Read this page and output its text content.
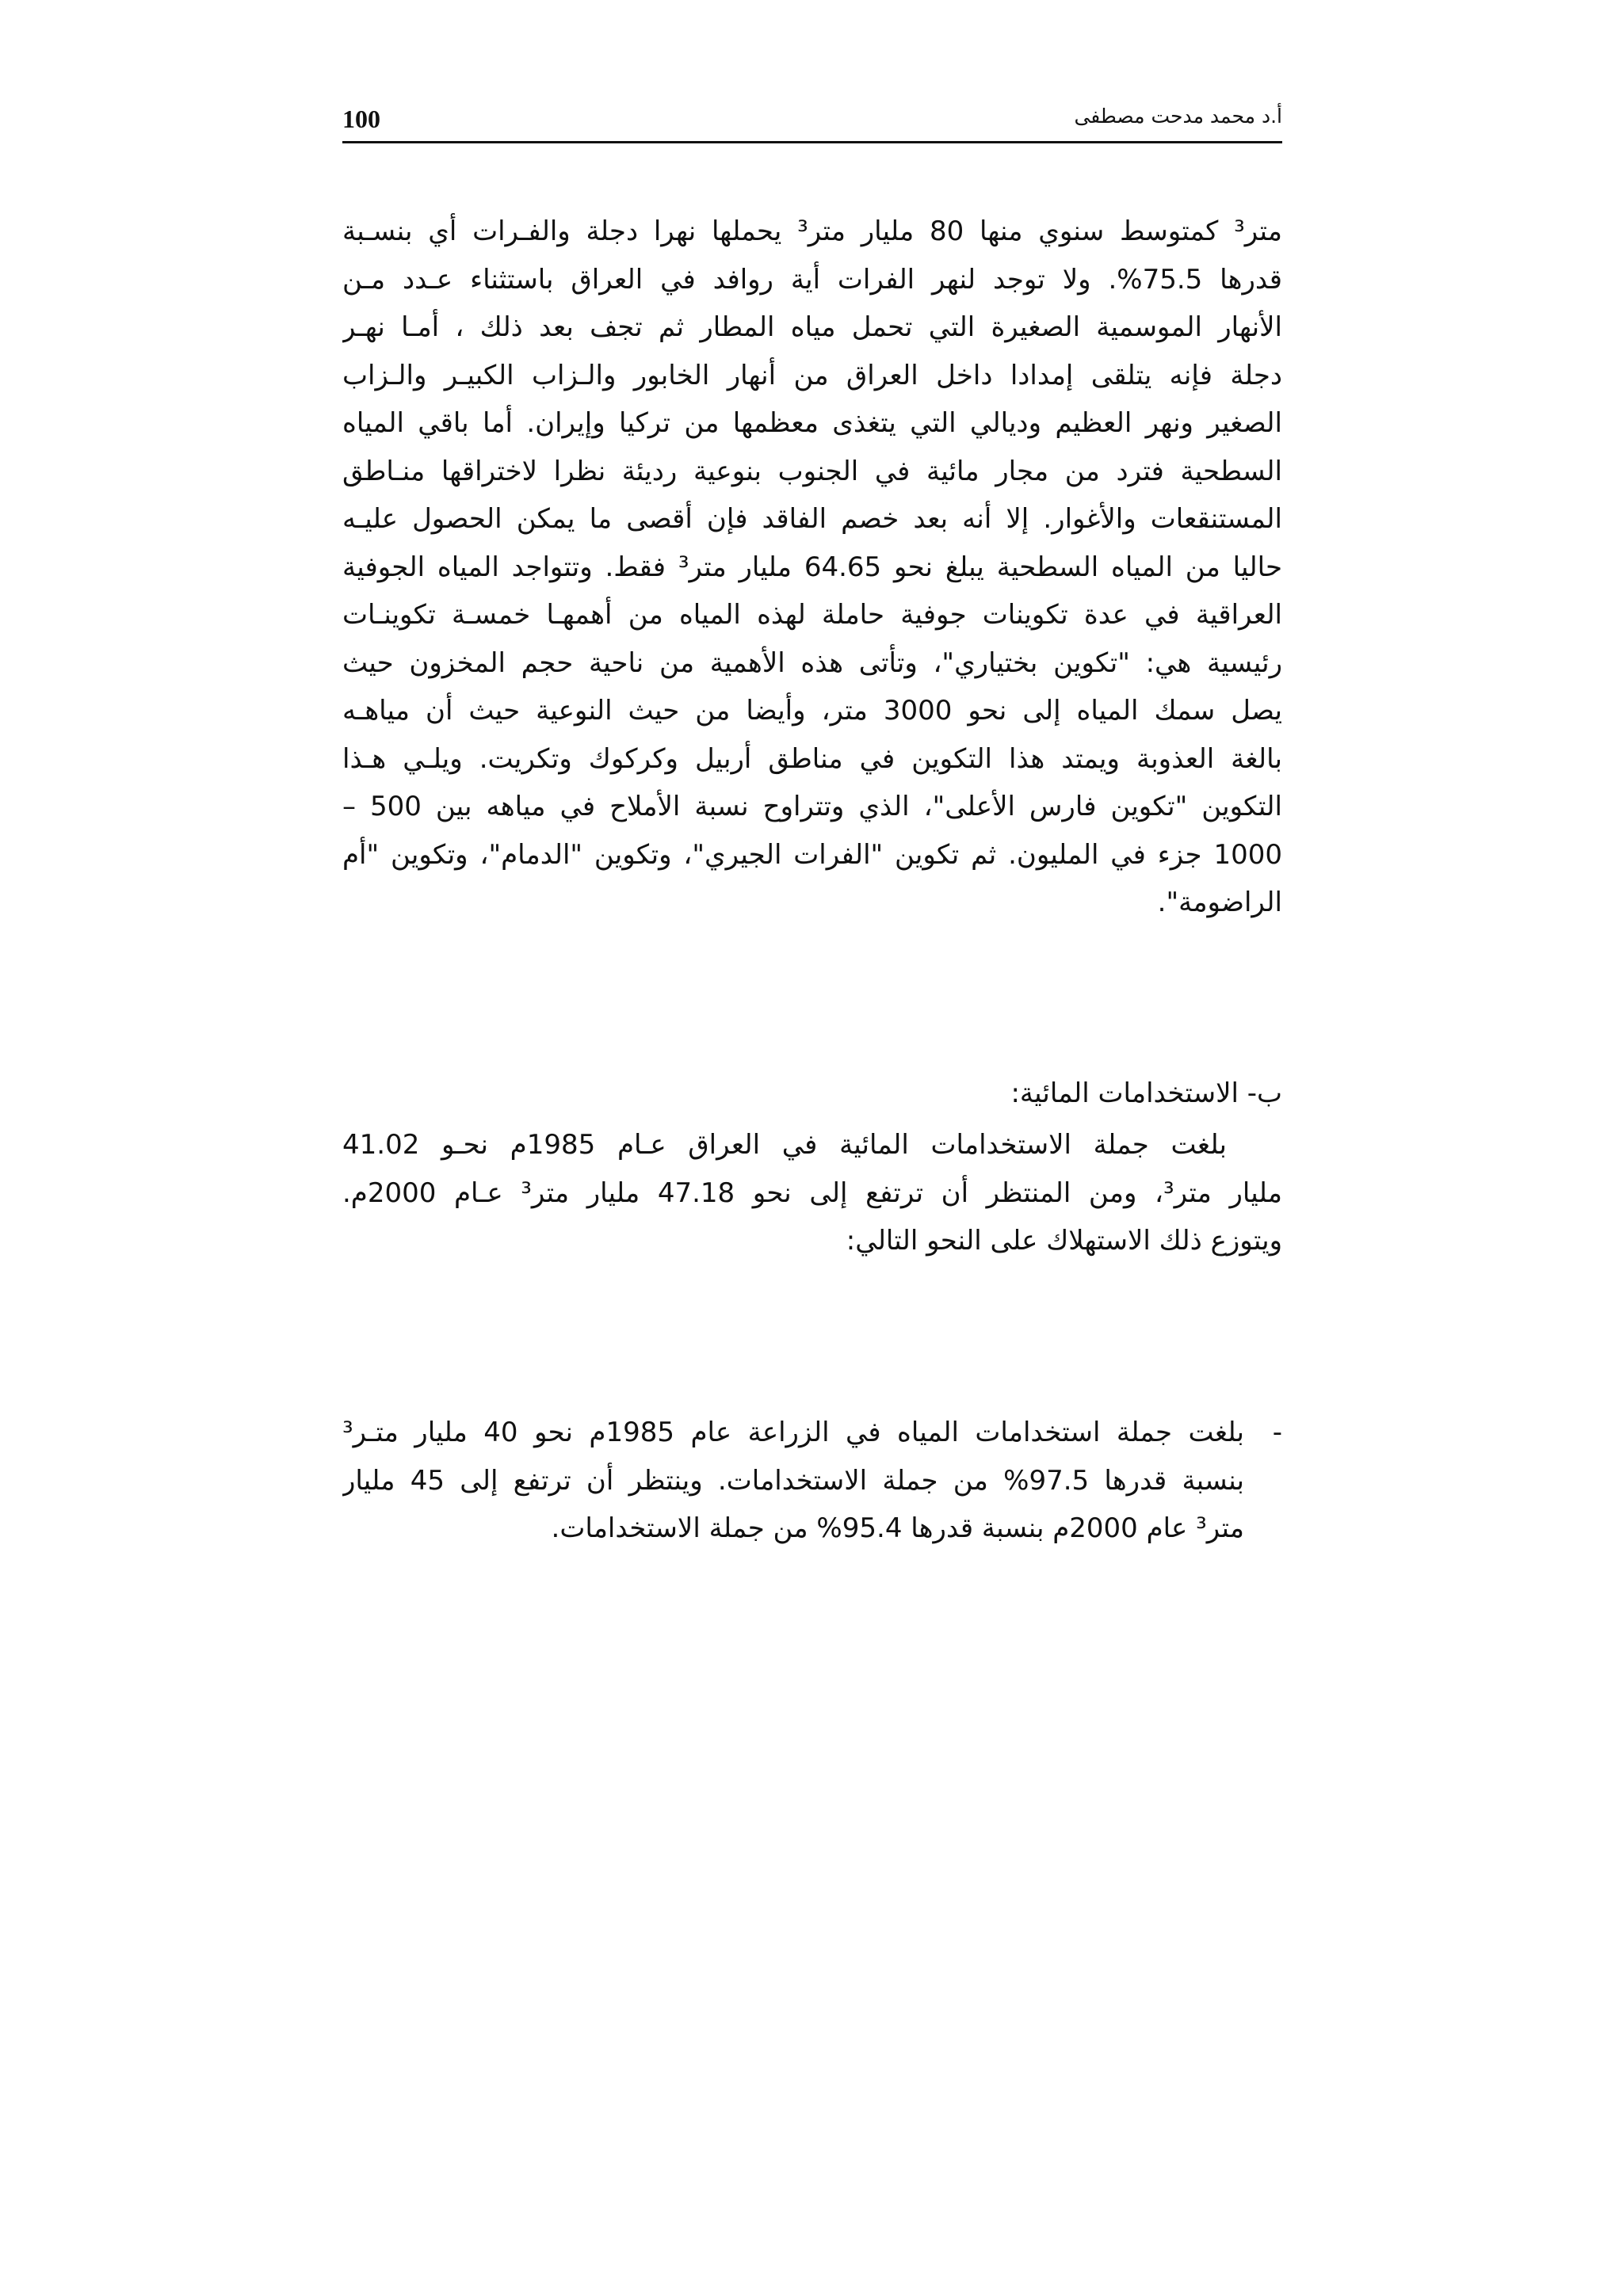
100	أ.د محمد مدحت مصطفى
متر³ كمتوسط سنوي منها 80 مليار متر³ يحملها نهرا دجلة والفـرات أي بنسـبة
قدرها 75.5%. ولا توجد لنهر الفرات أية روافد في العراق باستثناء عـدد مـن
الأنهار الموسمية الصغيرة التي تحمل مياه المطار ثم تجف بعد ذلك ، أمـا نهـر
دجلة فإنه يتلقى إمدادا داخل العراق من أنهار الخابور والـزاب الكبيـر والـزاب
الصغير ونهر العظيم وديالي التي يتغذى معظمها من تركيا وإيران. أما باقي المياه
السطحية فترد من مجار مائية في الجنوب بنوعية رديئة نظرا لاختراقها منـاطق
المستنقعات والأغوار. إلا أنه بعد خصم الفاقد فإن أقصى ما يمكن الحصول عليـه
حاليا من المياه السطحية يبلغ نحو 64.65 مليار متر³ فقط. وتتواجد المياه الجوفية
العراقية في عدة تكوينات جوفية حاملة لهذه المياه من أهمهـا خمسـة تكوينـات
رئيسية هي: "تكوين بختياري"، وتأتى هذه الأهمية من ناحية حجم المخزون حيث
يصل سمك المياه إلى نحو 3000 متر، وأيضا من حيث النوعية حيث أن مياهـه
بالغة العذوبة ويمتد هذا التكوين في مناطق أربيل وكركوك وتكريت. ويلـي هـذا
التكوين "تكوين فارس الأعلى"، الذي وتتراوح نسبة الأملاح في مياهه بين 500 –
1000 جزء في المليون. ثم تكوين "الفرات الجيري"، وتكوين "الدمام"، وتكوين "أم
الراضومة".
ب- الاستخدامات المائية:
بلغت جملة الاستخدامات المائية في العراق عـام 1985م نحـو 41.02
مليار متر³، ومن المنتظر أن ترتفع إلى نحو 47.18 مليار متر³ عـام 2000م.
ويتوزع ذلك الاستهلاك على النحو التالي:
-
بلغت جملة استخدامات المياه في الزراعة عام 1985م نحو 40 مليار متـر³
بنسبة قدرها 97.5% من جملة الاستخدامات. وينتظر أن ترتفع إلى 45 مليار
متر³ عام 2000م بنسبة قدرها 95.4% من جملة الاستخدامات.
